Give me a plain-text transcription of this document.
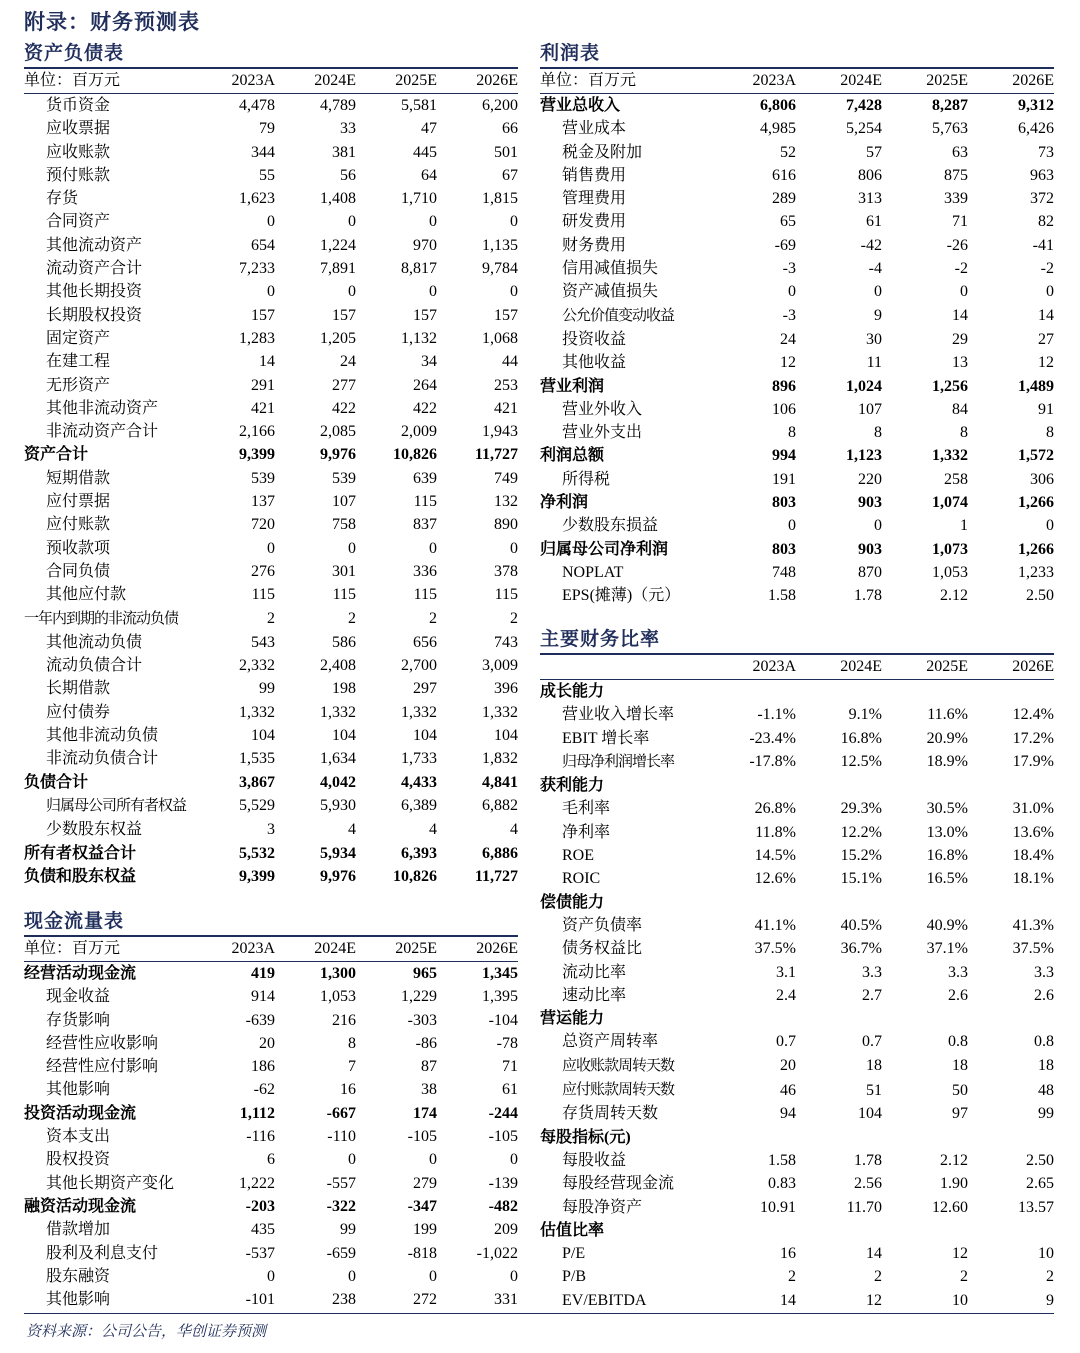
附录：财务预测表
资产负债表
单位：百万元	2023A	2024E	2025E	2026E
货币资金	4,478	4,789	5,581	6,200
应收票据	79	33	47	66
应收账款	344	381	445	501
预付账款	55	56	64	67
存货	1,623	1,408	1,710	1,815
合同资产	0	0	0	0
其他流动资产	654	1,224	970	1,135
流动资产合计	7,233	7,891	8,817	9,784
其他长期投资	0	0	0	0
长期股权投资	157	157	157	157
固定资产	1,283	1,205	1,132	1,068
在建工程	14	24	34	44
无形资产	291	277	264	253
其他非流动资产	421	422	422	421
非流动资产合计	2,166	2,085	2,009	1,943
资产合计	9,399	9,976	10,826	11,727
短期借款	539	539	639	749
应付票据	137	107	115	132
应付账款	720	758	837	890
预收款项	0	0	0	0
合同负债	276	301	336	378
其他应付款	115	115	115	115
一年内到期的非流动负债	2	2	2	2
其他流动负债	543	586	656	743
流动负债合计	2,332	2,408	2,700	3,009
长期借款	99	198	297	396
应付债券	1,332	1,332	1,332	1,332
其他非流动负债	104	104	104	104
非流动负债合计	1,535	1,634	1,733	1,832
负债合计	3,867	4,042	4,433	4,841
归属母公司所有者权益	5,529	5,930	6,389	6,882
少数股东权益	3	4	4	4
所有者权益合计	5,532	5,934	6,393	6,886
负债和股东权益	9,399	9,976	10,826	11,727
现金流量表
单位：百万元	2023A	2024E	2025E	2026E
经营活动现金流	419	1,300	965	1,345
现金收益	914	1,053	1,229	1,395
存货影响	-639	216	-303	-104
经营性应收影响	20	8	-86	-78
经营性应付影响	186	7	87	71
其他影响	-62	16	38	61
投资活动现金流	1,112	-667	174	-244
资本支出	-116	-110	-105	-105
股权投资	6	0	0	0
其他长期资产变化	1,222	-557	279	-139
融资活动现金流	-203	-322	-347	-482
借款增加	435	99	199	209
股利及利息支付	-537	-659	-818	-1,022
股东融资	0	0	0	0
其他影响	-101	238	272	331
利润表
单位：百万元	2023A	2024E	2025E	2026E
营业总收入	6,806	7,428	8,287	9,312
营业成本	4,985	5,254	5,763	6,426
税金及附加	52	57	63	73
销售费用	616	806	875	963
管理费用	289	313	339	372
研发费用	65	61	71	82
财务费用	-69	-42	-26	-41
信用减值损失	-3	-4	-2	-2
资产减值损失	0	0	0	0
公允价值变动收益	-3	9	14	14
投资收益	24	30	29	27
其他收益	12	11	13	12
营业利润	896	1,024	1,256	1,489
营业外收入	106	107	84	91
营业外支出	8	8	8	8
利润总额	994	1,123	1,332	1,572
所得税	191	220	258	306
净利润	803	903	1,074	1,266
少数股东损益	0	0	1	0
归属母公司净利润	803	903	1,073	1,266
NOPLAT	748	870	1,053	1,233
EPS(摊薄)（元）	1.58	1.78	2.12	2.50
主要财务比率
	2023A	2024E	2025E	2026E
成长能力				
营业收入增长率	-1.1%	9.1%	11.6%	12.4%
EBIT 增长率	-23.4%	16.8%	20.9%	17.2%
归母净利润增长率	-17.8%	12.5%	18.9%	17.9%
获利能力				
毛利率	26.8%	29.3%	30.5%	31.0%
净利率	11.8%	12.2%	13.0%	13.6%
ROE	14.5%	15.2%	16.8%	18.4%
ROIC	12.6%	15.1%	16.5%	18.1%
偿债能力				
资产负债率	41.1%	40.5%	40.9%	41.3%
债务权益比	37.5%	36.7%	37.1%	37.5%
流动比率	3.1	3.3	3.3	3.3
速动比率	2.4	2.7	2.6	2.6
营运能力				
总资产周转率	0.7	0.7	0.8	0.8
应收账款周转天数	20	18	18	18
应付账款周转天数	46	51	50	48
存货周转天数	94	104	97	99
每股指标(元)				
每股收益	1.58	1.78	2.12	2.50
每股经营现金流	0.83	2.56	1.90	2.65
每股净资产	10.91	11.70	12.60	13.57
估值比率				
P/E	16	14	12	10
P/B	2	2	2	2
EV/EBITDA	14	12	10	9
资料来源：公司公告，华创证券预测
